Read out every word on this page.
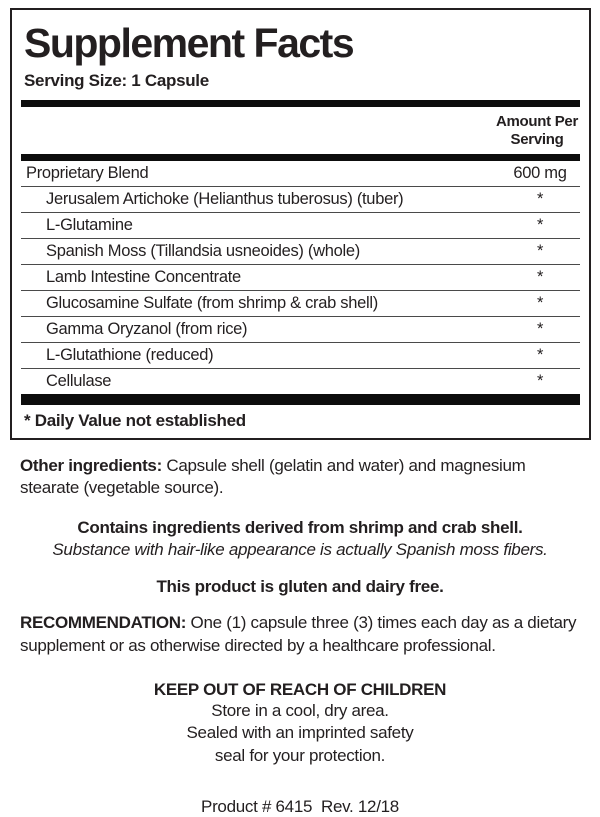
Supplement Facts
Serving Size: 1 Capsule
Amount Per
Serving
Proprietary Blend	600 mg
Jerusalem Artichoke (Helianthus tuberosus) (tuber)	*
L-Glutamine	*
Spanish Moss (Tillandsia usneoides) (whole)	*
Lamb Intestine Concentrate	*
Glucosamine Sulfate (from shrimp & crab shell)	*
Gamma Oryzanol (from rice)	*
L-Glutathione (reduced)	*
Cellulase	*
* Daily Value not established
Other ingredients: Capsule shell (gelatin and water) and magnesium stearate (vegetable source).
Contains ingredients derived from shrimp and crab shell.
Substance with hair-like appearance is actually Spanish moss fibers.
This product is gluten and dairy free.
RECOMMENDATION: One (1) capsule three (3) times each day as a dietary supplement or as otherwise directed by a healthcare professional.
KEEP OUT OF REACH OF CHILDREN
Store in a cool, dry area.
Sealed with an imprinted safety
seal for your protection.
Product # 6415  Rev. 12/18
